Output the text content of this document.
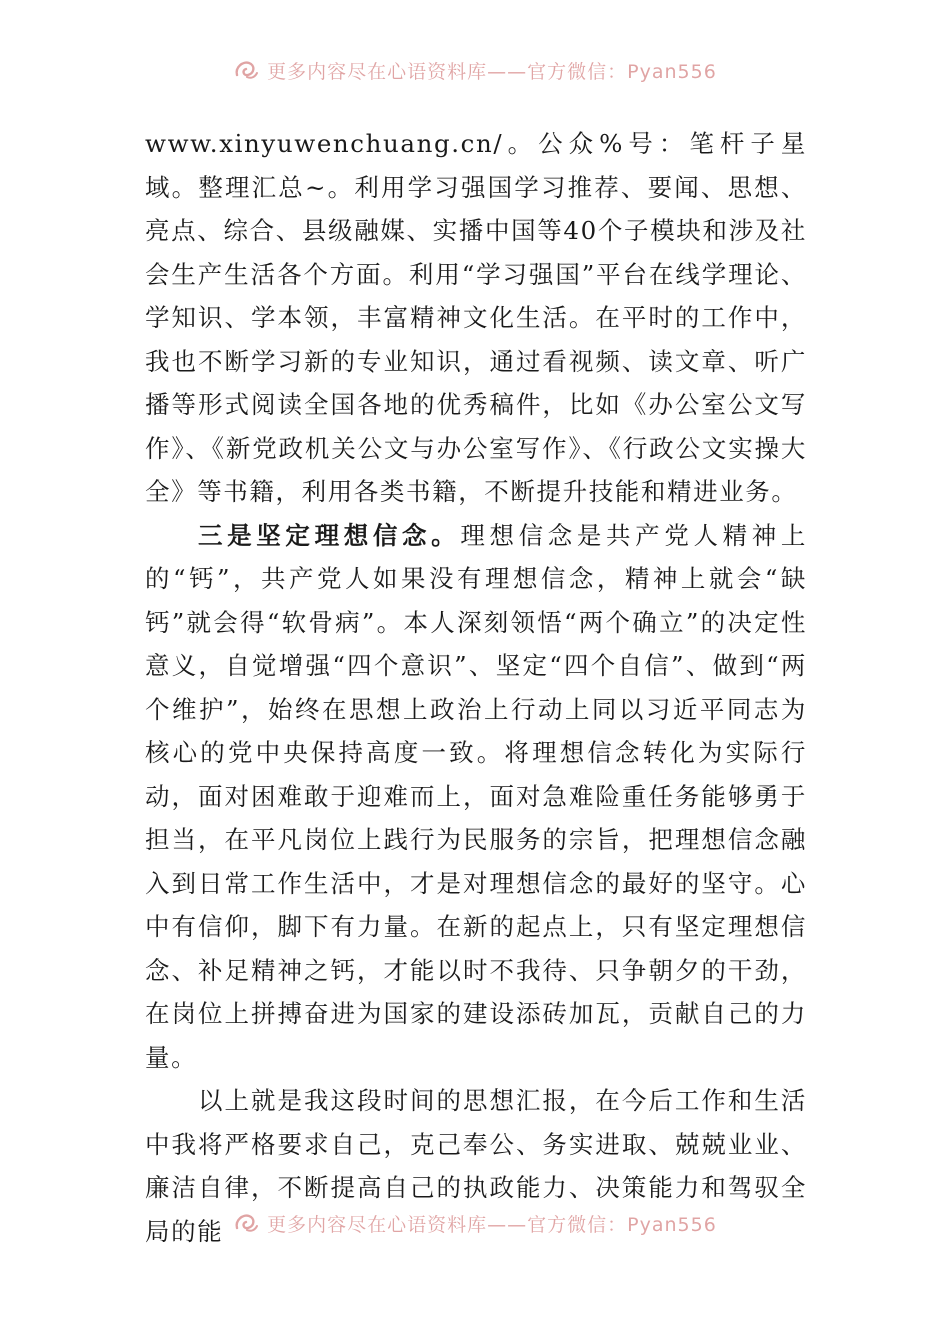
更多内容尽在心语资料库——官方微信：Pyan556

www.xinyuwenchuang.cn/。公众%号：笔杆子星域。整理汇总~。利用学习强国学习推荐、要闻、思想、亮点、综合、县级融媒、实播中国等40个子模块和涉及社会生产生活各个方面。利用“学习强国”平台在线学理论、学知识、学本领，丰富精神文化生活。在平时的工作中，我也不断学习新的专业知识，通过看视频、读文章、听广播等形式阅读全国各地的优秀稿件，比如《办公室公文写作》、《新党政机关公文与办公室写作》、《行政公文实操大全》等书籍，利用各类书籍，不断提升技能和精进业务。

三是坚定理想信念。理想信念是共产党人精神上的“钙”，共产党人如果没有理想信念，精神上就会“缺钙”就会得“软骨病”。本人深刻领悟“两个确立”的决定性意义，自觉增强“四个意识”、坚定“四个自信”、做到“两个维护”，始终在思想上政治上行动上同以习近平同志为核心的党中央保持高度一致。将理想信念转化为实际行动，面对困难敢于迎难而上，面对急难险重任务能够勇于担当，在平凡岗位上践行为民服务的宗旨，把理想信念融入到日常工作生活中，才是对理想信念的最好的坚守。心中有信仰，脚下有力量。在新的起点上，只有坚定理想信念、补足精神之钙，才能以时不我待、只争朝夕的干劲，在岗位上拼搏奋进为国家的建设添砖加瓦，贡献自己的力量。

以上就是我这段时间的思想汇报，在今后工作和生活中我将严格要求自己，克己奉公、务实进取、兢兢业业、廉洁自律，不断提高自己的执政能力、决策能力和驾驭全局的能	更多内容尽在心语资料库——官方微信：Pyan556
